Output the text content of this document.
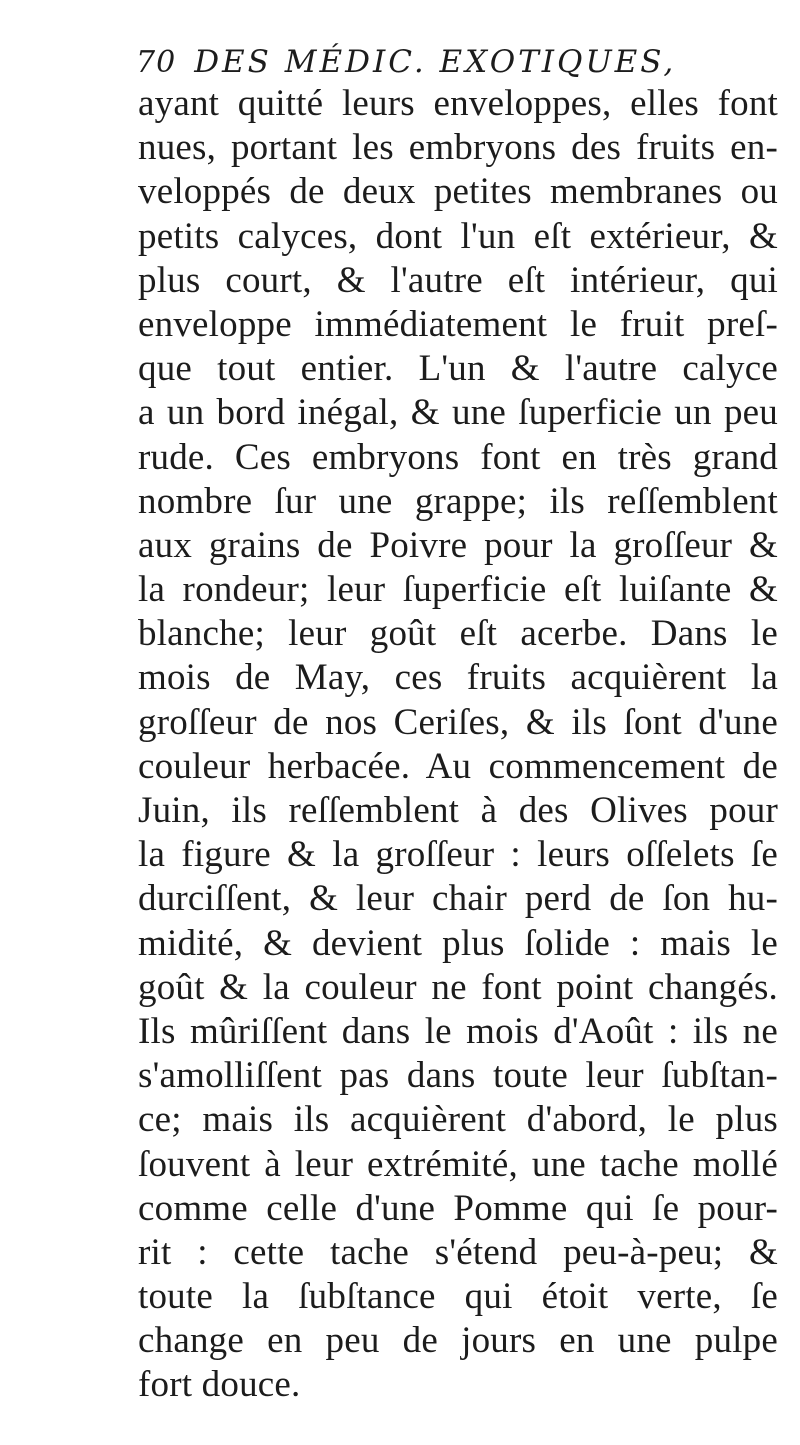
70 DES MÉDIC. EXOTIQUES,
ayant quitté leurs enveloppes, elles font
nues, portant les embryons des fruits en-
veloppés de deux petites membranes ou
petits calyces, dont l'un eſt extérieur, &
plus court, & l'autre eſt intérieur, qui
enveloppe immédiatement le fruit preſ-
que tout entier. L'un & l'autre calyce
a un bord inégal, & une ſuperficie un peu
rude. Ces embryons font en très grand
nombre ſur une grappe; ils reſſemblent
aux grains de Poivre pour la groſſeur &
la rondeur; leur ſuperficie eſt luiſante &
blanche; leur goût eſt acerbe. Dans le
mois de May, ces fruits acquièrent la
groſſeur de nos Ceriſes, & ils ſont d'une
couleur herbacée. Au commencement de
Juin, ils reſſemblent à des Olives pour
la figure & la groſſeur : leurs oſſelets ſe
durciſſent, & leur chair perd de ſon hu-
midité, & devient plus ſolide : mais le
goût & la couleur ne font point changés.
Ils mûriſſent dans le mois d'Août : ils ne
s'amolliſſent pas dans toute leur ſubſtan-
ce; mais ils acquièrent d'abord, le plus
ſouvent à leur extrémité, une tache mollé
comme celle d'une Pomme qui ſe pour-
rit : cette tache s'étend peu-à-peu; &
toute la ſubſtance qui étoit verte, ſe
change en peu de jours en une pulpe
fort douce.
